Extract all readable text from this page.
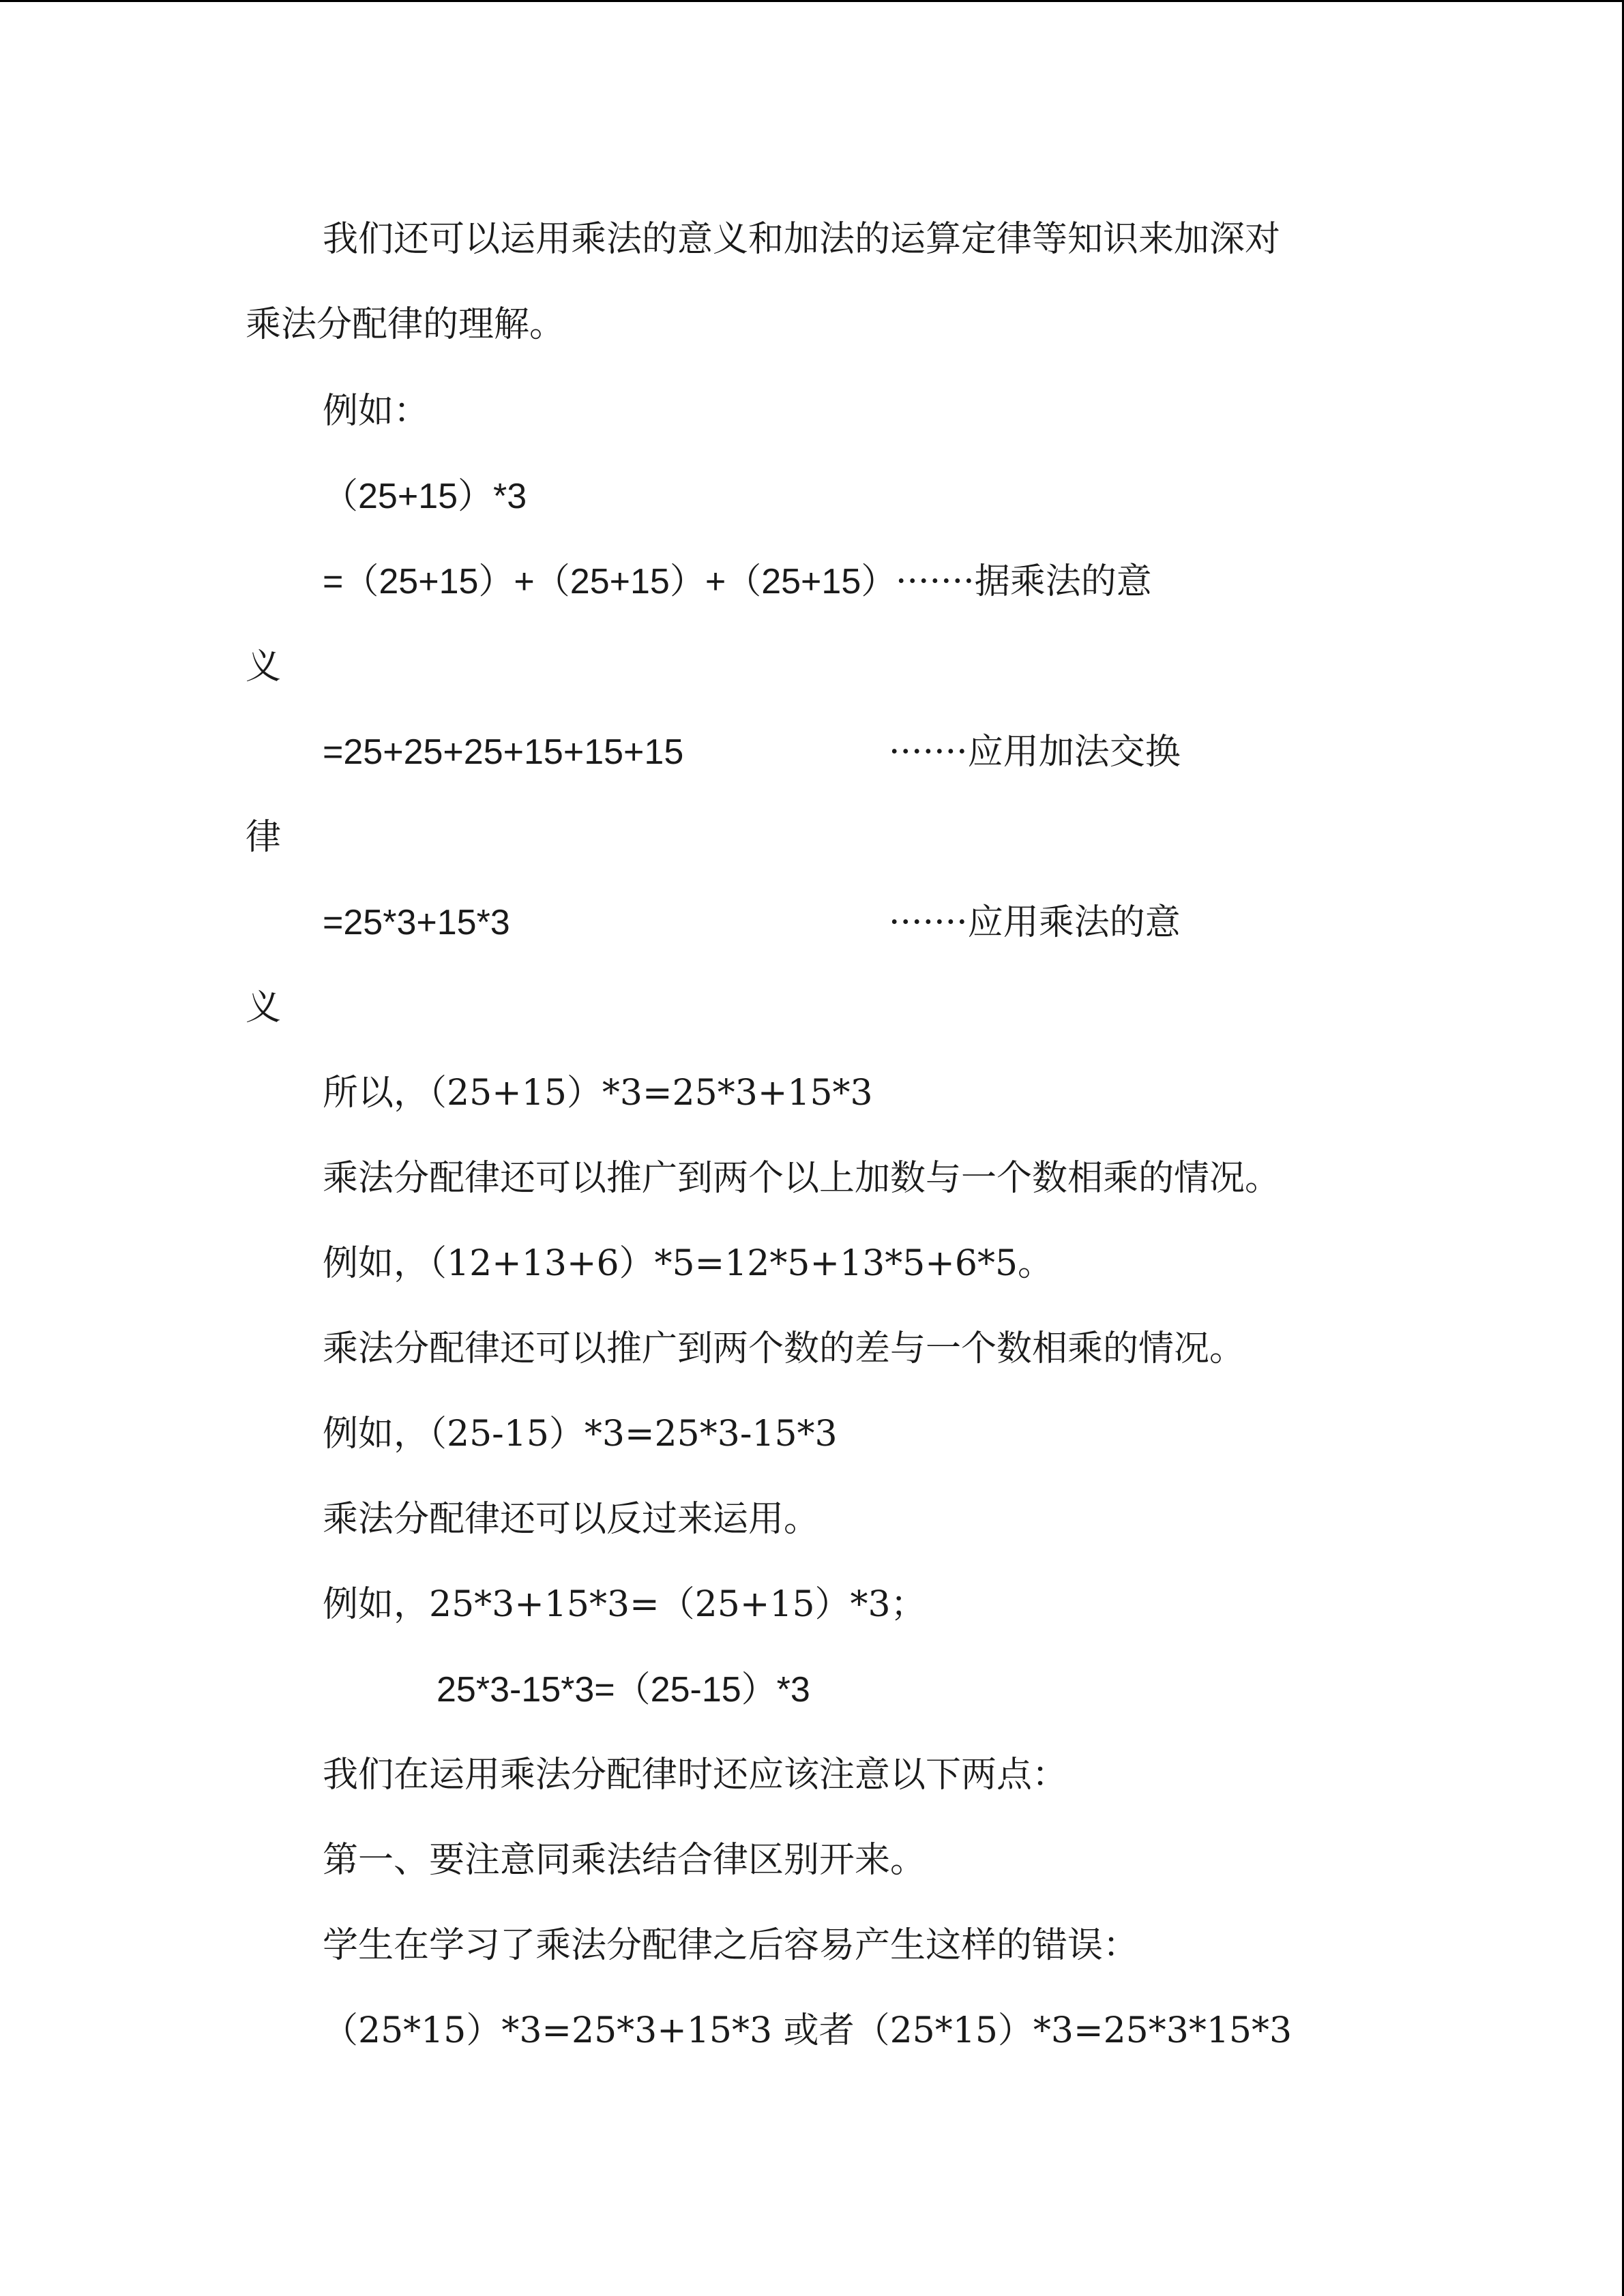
我们还可以运用乘法的意义和加法的运算定律等知识来加深对
乘法分配律的理解。
例如：
（25+15）*3
=（25+15）+（25+15）+（25+15）
·······据乘法的意
义
=25+25+25+15+15+15	·······应用加法交换
律
=25*3+15*3	·······应用乘法的意
义
所以，（25+15）*3=25*3+15*3
乘法分配律还可以推广到两个以上加数与一个数相乘的情况。
例如，（12+13+6）*5=12*5+13*5+6*5。
乘法分配律还可以推广到两个数的差与一个数相乘的情况。
例如，（25-15）*3=25*3-15*3
乘法分配律还可以反过来运用。
例如，25*3+15*3=（25+15）*3；
25*3-15*3=（25-15）*3
我们在运用乘法分配律时还应该注意以下两点：
第一、要注意同乘法结合律区别开来。
学生在学习了乘法分配律之后容易产生这样的错误：
（25*15）*3=25*3+15*3 或者（25*15）*3=25*3*15*3
